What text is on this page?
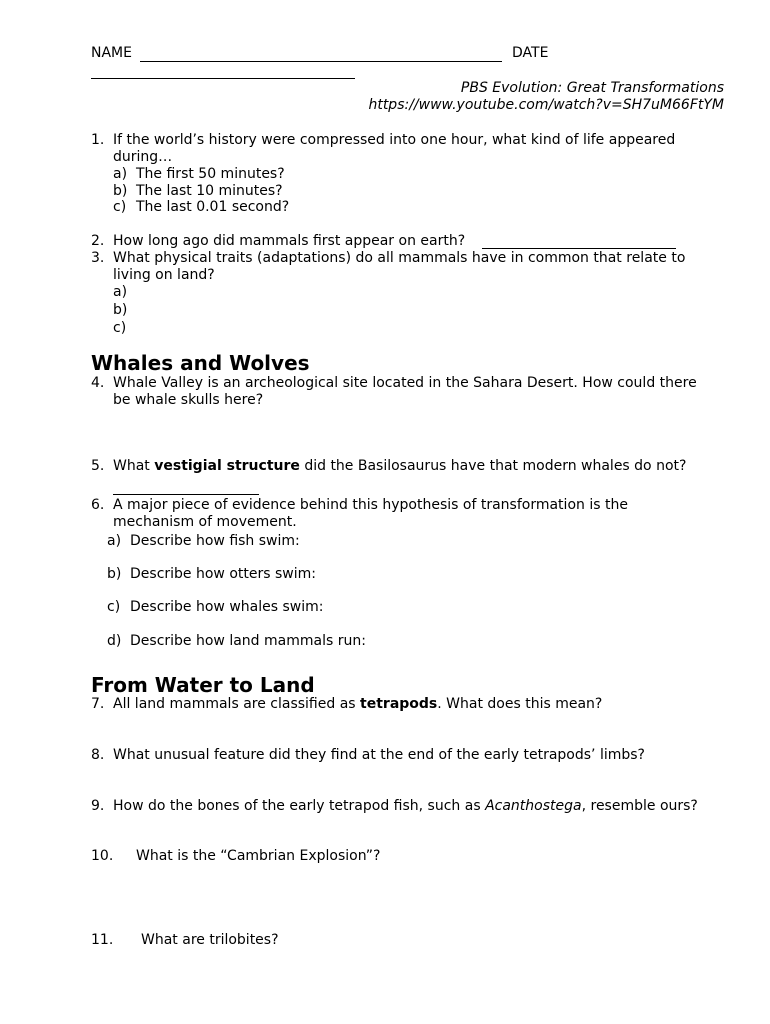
NAME	DATE
PBS Evolution: Great Transformations
https://www.youtube.com/watch?v=SH7uM66FtYM
1. If the world’s history were compressed into one hour, what kind of life appeared
during…
a) The first 50 minutes?
b) The last 10 minutes?
c) The last 0.01 second?
2. How long ago did mammals first appear on earth?
3. What physical traits (adaptations) do all mammals have in common that relate to
living on land?
a)
b)
c)
Whales and Wolves
4. Whale Valley is an archeological site located in the Sahara Desert. How could there
be whale skulls here?
5. What vestigial structure did the Basilosaurus have that modern whales do not?
6. A major piece of evidence behind this hypothesis of transformation is the
mechanism of movement.
a) Describe how fish swim:
b) Describe how otters swim:
c) Describe how whales swim:
d) Describe how land mammals run:
From Water to Land
7. All land mammals are classified as tetrapods. What does this mean?
8. What unusual feature did they find at the end of the early tetrapods’ limbs?
9. How do the bones of the early tetrapod fish, such as Acanthostega, resemble ours?
10. What is the “Cambrian Explosion”?
11. What are trilobites?
